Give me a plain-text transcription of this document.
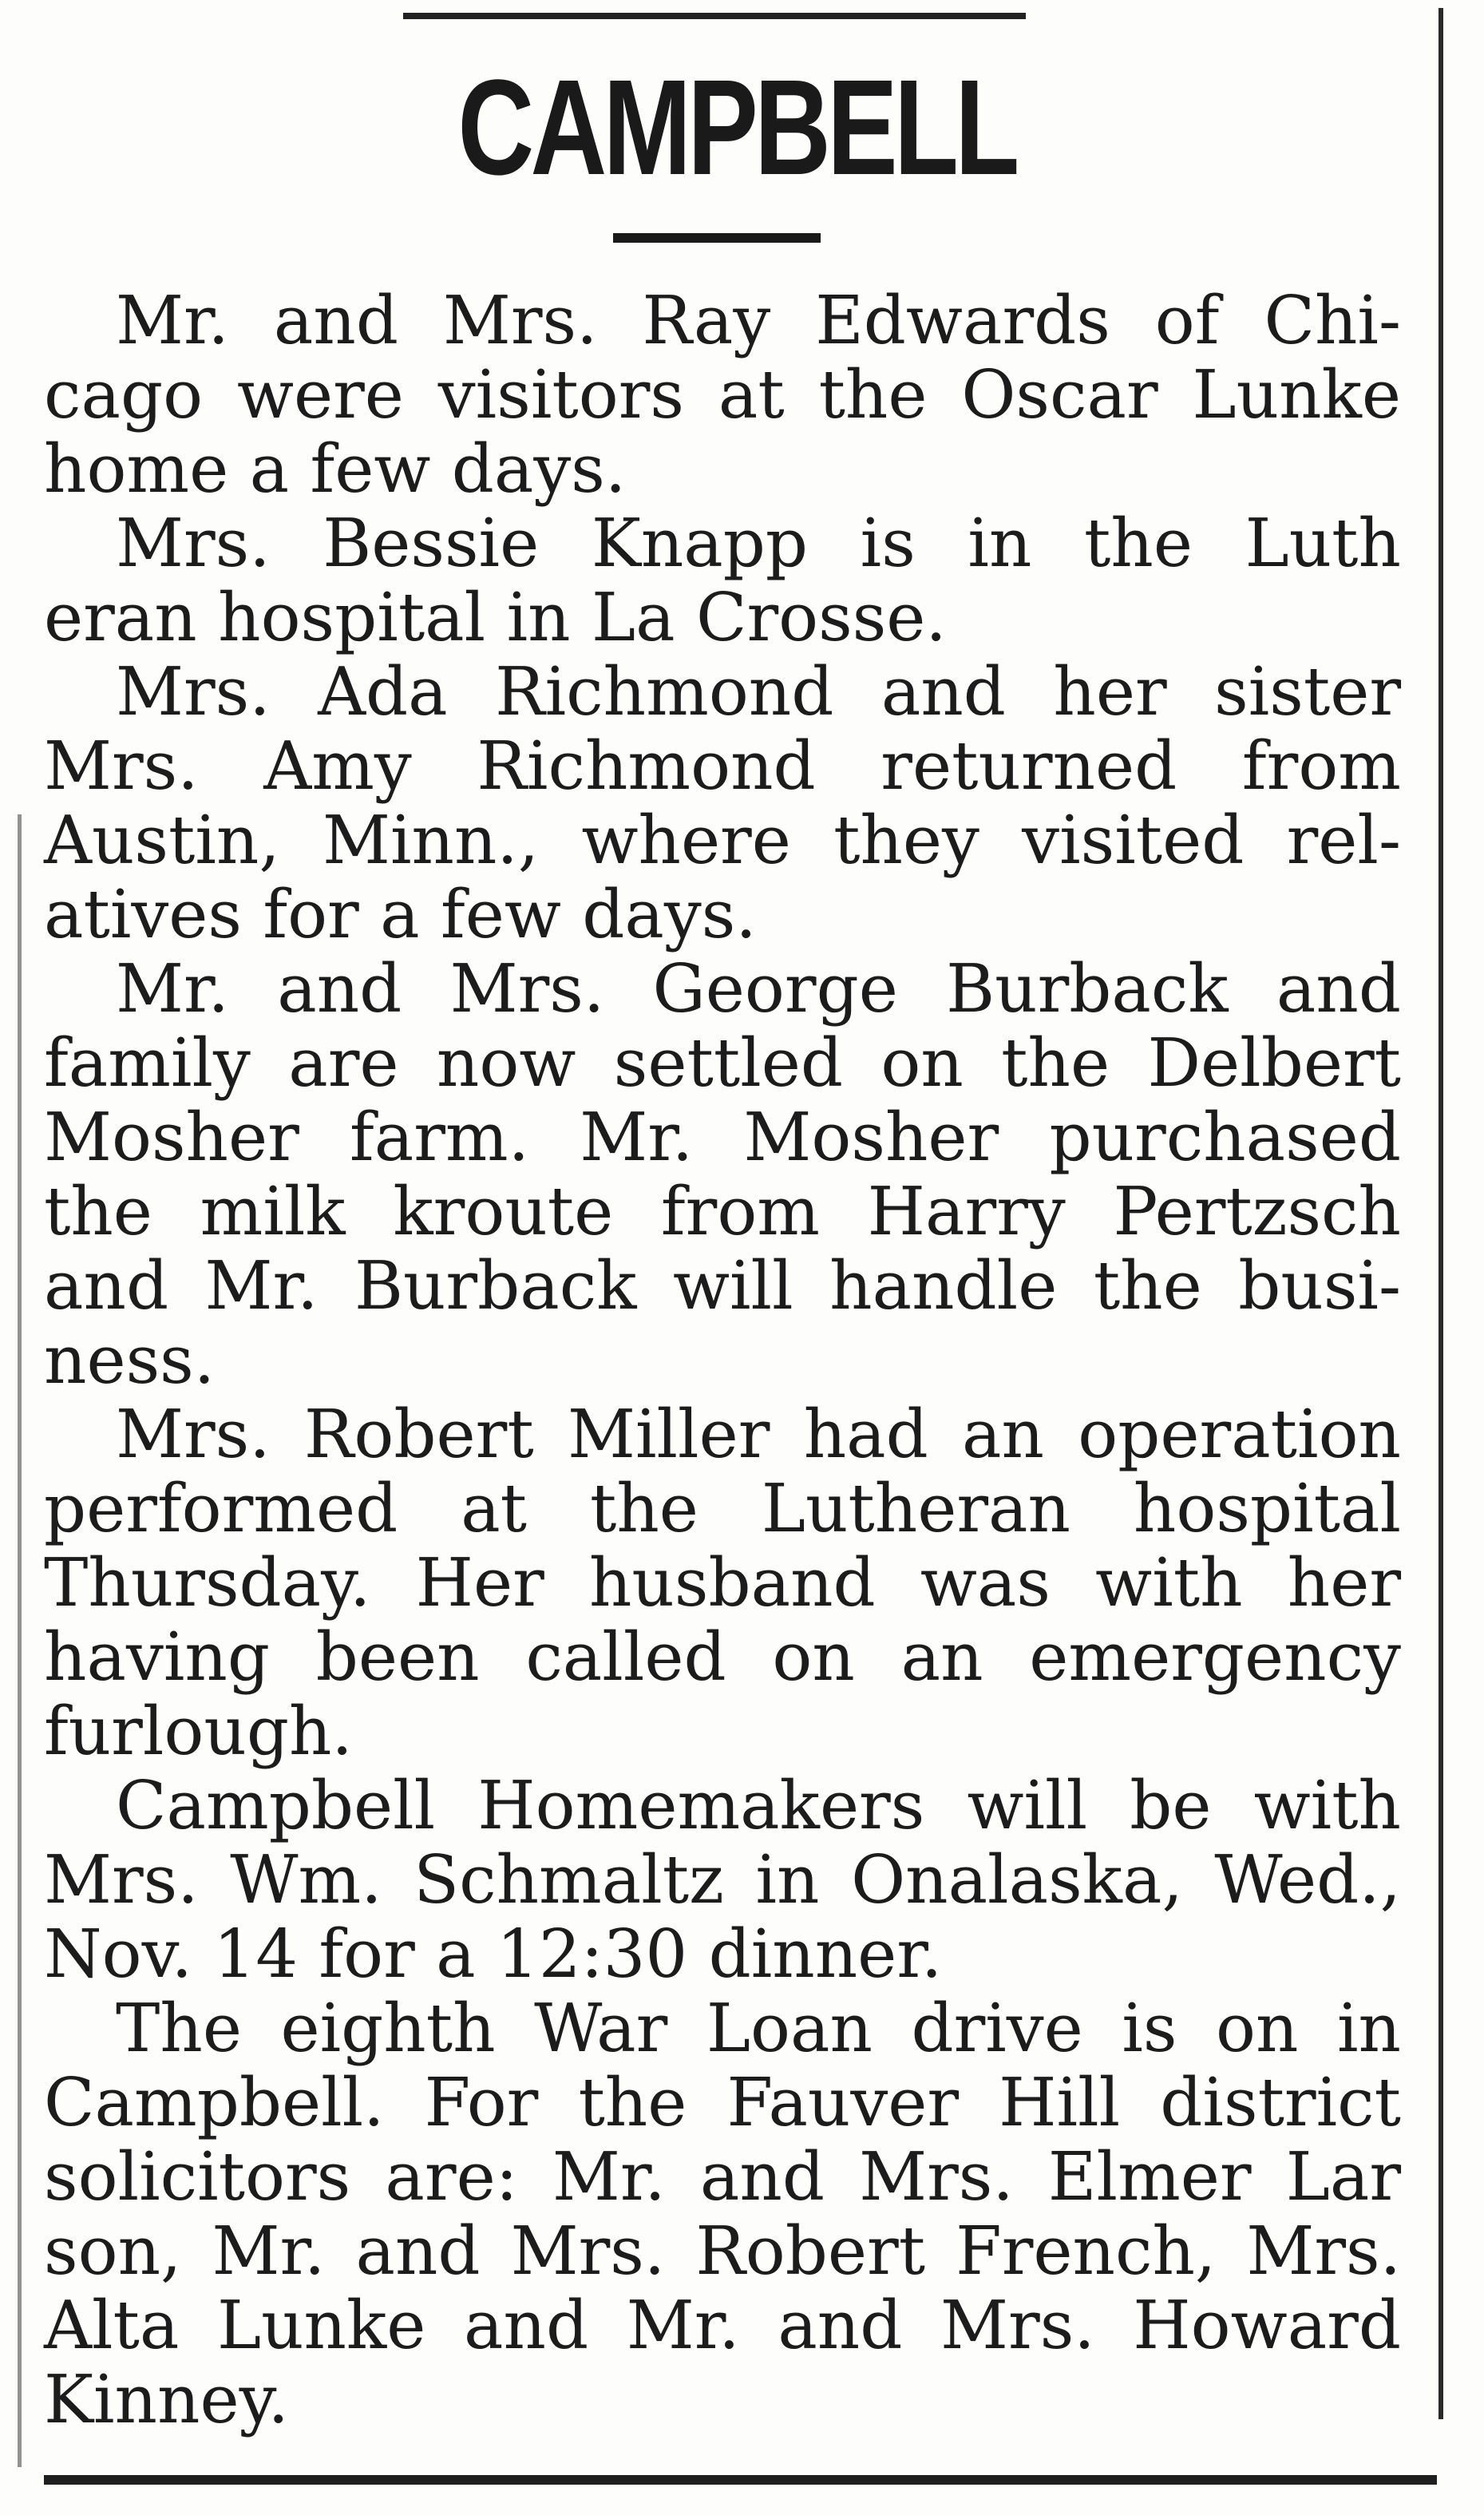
CAMPBELL

Mr. and Mrs. Ray Edwards of Chi-
cago were visitors at the Oscar Lunke
home a few days.

Mrs. Bessie Knapp is in the Luth
eran hospital in La Crosse.

Mrs. Ada Richmond and her sister
Mrs. Amy Richmond returned from
Austin, Minn., where they visited rel-
atives for a few days.

Mr. and Mrs. George Burback and
family are now settled on the Delbert
Mosher farm. Mr. Mosher purchased
the milk kroute from Harry Pertzsch
and Mr. Burback will handle the busi-
ness.

Mrs. Robert Miller had an operation
performed at the Lutheran hospital
Thursday. Her husband was with her
having been called on an emergency
furlough.

Campbell Homemakers will be with
Mrs. Wm. Schmaltz in Onalaska, Wed.,
Nov. 14 for a 12:30 dinner.

The eighth War Loan drive is on in
Campbell. For the Fauver Hill district
solicitors are: Mr. and Mrs. Elmer Lar
son, Mr. and Mrs. Robert French, Mrs.
Alta Lunke and Mr. and Mrs. Howard
Kinney.
